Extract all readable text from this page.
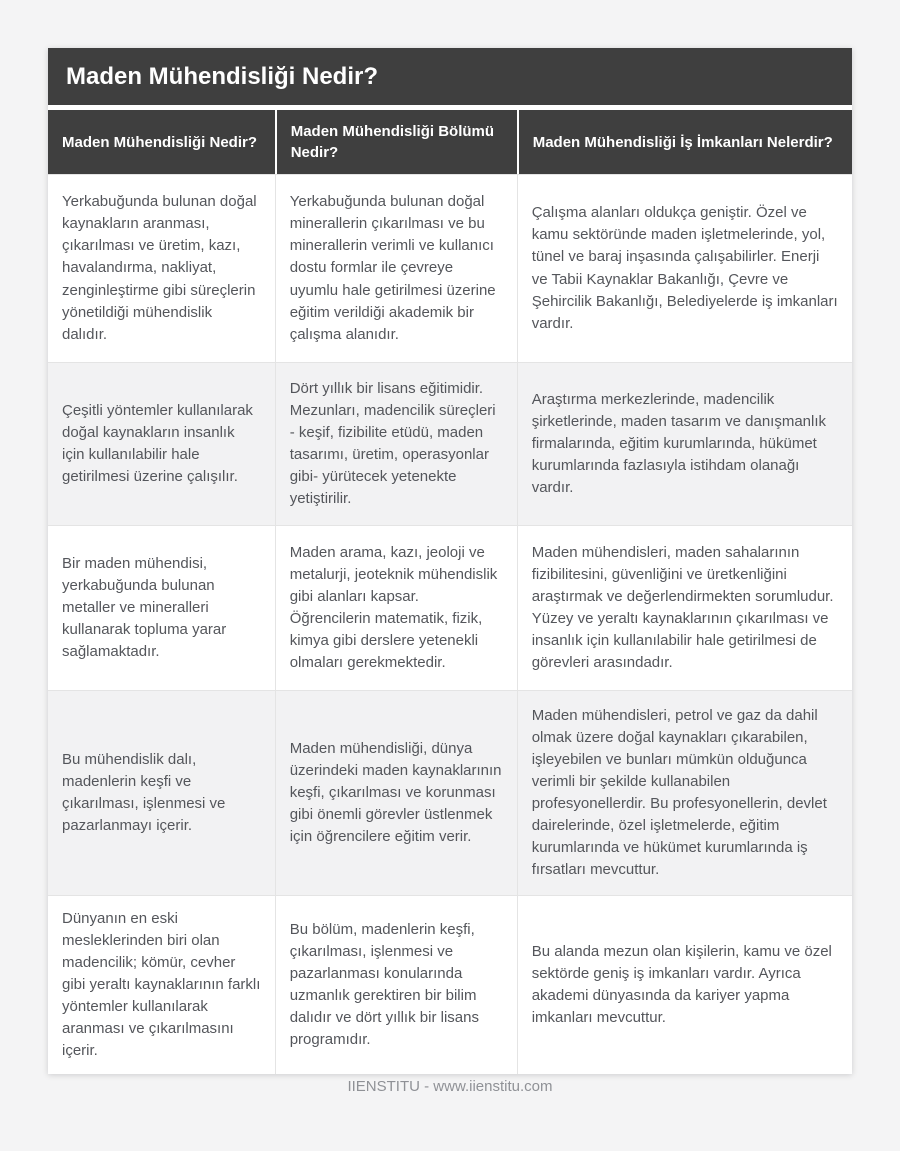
Maden Mühendisliği Nedir?
Maden Mühendisliği Nedir?
Maden Mühendisliği Bölümü Nedir?
Maden Mühendisliği İş İmkanları Nelerdir?
Yerkabuğunda bulunan doğal kaynakların aranması, çıkarılması ve üretim, kazı, havalandırma, nakliyat, zenginleştirme gibi süreçlerin yönetildiği mühendislik dalıdır.
Yerkabuğunda bulunan doğal minerallerin çıkarılması ve bu minerallerin verimli ve kullanıcı dostu formlar ile çevreye uyumlu hale getirilmesi üzerine eğitim verildiği akademik bir çalışma alanıdır.
Çalışma alanları oldukça geniştir. Özel ve kamu sektöründe maden işletmelerinde, yol, tünel ve baraj inşasında çalışabilirler. Enerji ve Tabii Kaynaklar Bakanlığı, Çevre ve Şehircilik Bakanlığı, Belediyelerde iş imkanları vardır.
Çeşitli yöntemler kullanılarak doğal kaynakların insanlık için kullanılabilir hale getirilmesi üzerine çalışılır.
Dört yıllık bir lisans eğitimidir. Mezunları, madencilik süreçleri - keşif, fizibilite etüdü, maden tasarımı, üretim, operasyonlar gibi- yürütecek yetenekte yetiştirilir.
Araştırma merkezlerinde, madencilik şirketlerinde, maden tasarım ve danışmanlık firmalarında, eğitim kurumlarında, hükümet kurumlarında fazlasıyla istihdam olanağı vardır.
Bir maden mühendisi, yerkabuğunda bulunan metaller ve mineralleri kullanarak topluma yarar sağlamaktadır.
Maden arama, kazı, jeoloji ve metalurji, jeoteknik mühendislik gibi alanları kapsar. Öğrencilerin matematik, fizik, kimya gibi derslere yetenekli olmaları gerekmektedir.
Maden mühendisleri, maden sahalarının fizibilitesini, güvenliğini ve üretkenliğini araştırmak ve değerlendirmekten sorumludur. Yüzey ve yeraltı kaynaklarının çıkarılması ve insanlık için kullanılabilir hale getirilmesi de görevleri arasındadır.
Bu mühendislik dalı, madenlerin keşfi ve çıkarılması, işlenmesi ve pazarlanmayı içerir.
Maden mühendisliği, dünya üzerindeki maden kaynaklarının keşfi, çıkarılması ve korunması gibi önemli görevler üstlenmek için öğrencilere eğitim verir.
Maden mühendisleri, petrol ve gaz da dahil olmak üzere doğal kaynakları çıkarabilen, işleyebilen ve bunları mümkün olduğunca verimli bir şekilde kullanabilen profesyonellerdir. Bu profesyonellerin, devlet dairelerinde, özel işletmelerde, eğitim kurumlarında ve hükümet kurumlarında iş fırsatları mevcuttur.
Dünyanın en eski mesleklerinden biri olan madencilik; kömür, cevher gibi yeraltı kaynaklarının farklı yöntemler kullanılarak aranması ve çıkarılmasını içerir.
Bu bölüm, madenlerin keşfi, çıkarılması, işlenmesi ve pazarlanması konularında uzmanlık gerektiren bir bilim dalıdır ve dört yıllık bir lisans programıdır.
Bu alanda mezun olan kişilerin, kamu ve özel sektörde geniş iş imkanları vardır. Ayrıca akademi dünyasında da kariyer yapma imkanları mevcuttur.
IIENSTITU - www.iienstitu.com
